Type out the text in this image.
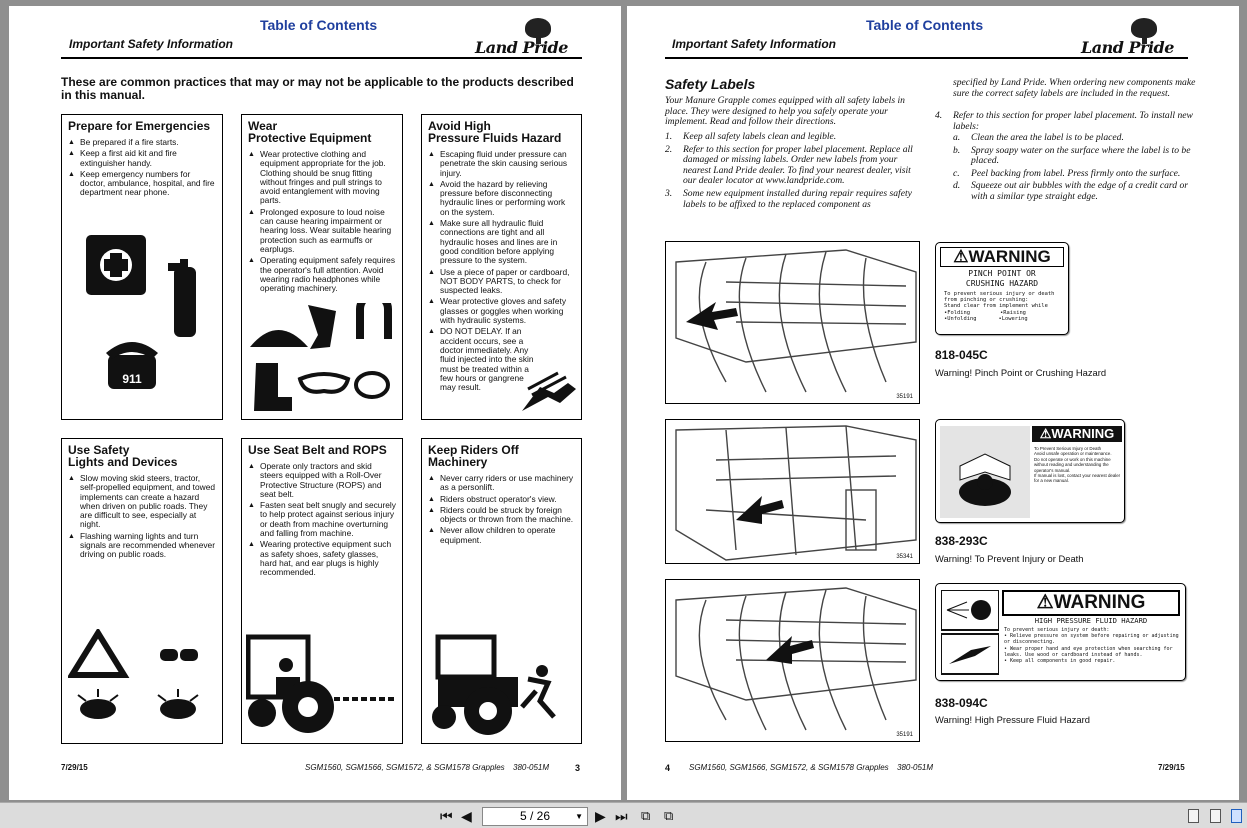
Table of Contents
Important Safety Information	Land Pride
These are common practices that may or may not be applicable to the products described in this manual.
Prepare for Emergencies
▲ Be prepared if a fire starts.
▲ Keep a first aid kit and fire extinguisher handy.
▲ Keep emergency numbers for doctor, ambulance, hospital, and fire department near phone.
911
Wear
Protective Equipment
▲ Wear protective clothing and equipment appropriate for the job. Clothing should be snug fitting without fringes and pull strings to avoid entanglement with moving parts.
▲ Prolonged exposure to loud noise can cause hearing impairment or hearing loss. Wear suitable hearing protection such as earmuffs or earplugs.
▲ Operating equipment safely requires the operator's full attention. Avoid wearing radio headphones while operating machinery.
Avoid High
Pressure Fluids Hazard
▲ Escaping fluid under pressure can penetrate the skin causing serious injury.
▲ Avoid the hazard by relieving pressure before disconnecting hydraulic lines or performing work on the system.
▲ Make sure all hydraulic fluid connections are tight and all hydraulic hoses and lines are in good condition before applying pressure to the system.
▲ Use a piece of paper or cardboard, NOT BODY PARTS, to check for suspected leaks.
▲ Wear protective gloves and safety glasses or goggles when working with hydraulic systems.
▲ DO NOT DELAY. If an accident occurs, see a doctor immediately. Any fluid injected into the skin must be treated within a few hours or gangrene may result.
Use Safety
Lights and Devices
▲ Slow moving skid steers, tractor, self-propelled equipment, and towed implements can create a hazard when driven on public roads. They are difficult to see, especially at night.
▲ Flashing warning lights and turn signals are recommended whenever driving on public roads.
Use Seat Belt and ROPS
▲ Operate only tractors and skid steers equipped with a Roll-Over Protective Structure (ROPS) and seat belt.
▲ Fasten seat belt snugly and securely to help protect against serious injury or death from machine overturning and falling from machine.
▲ Wearing protective equipment such as safety shoes, safety glasses, hard hat, and ear plugs is highly recommended.
Keep Riders Off
Machinery
▲ Never carry riders or use machinery as a personlift.
▲ Riders obstruct operator's view.
▲ Riders could be struck by foreign objects or thrown from the machine.
▲ Never allow children to operate equipment.
7/29/15	SGM1560, SGM1566, SGM1572, & SGM1578 Grapples 380-051M	3
Table of Contents
Important Safety Information	Land Pride
Safety Labels
Your Manure Grapple comes equipped with all safety labels in place. They were designed to help you safely operate your implement. Read and follow their directions.
1. Keep all safety labels clean and legible.
2. Refer to this section for proper label placement. Replace all damaged or missing labels. Order new labels from your nearest Land Pride dealer. To find your nearest dealer, visit our dealer locator at www.landpride.com.
3. Some new equipment installed during repair requires safety labels to be affixed to the replaced component as
specified by Land Pride. When ordering new components make sure the correct safety labels are included in the request.
4. Refer to this section for proper label placement. To install new labels:
a. Clean the area the label is to be placed.
b. Spray soapy water on the surface where the label is to be placed.
c. Peel backing from label. Press firmly onto the surface.
d. Squeeze out air bubbles with the edge of a credit card or with a similar type straight edge.
35191
⚠WARNING
PINCH POINT OR
CRUSHING HAZARD
To prevent serious injury or death
from pinching or crushing:
Stand clear from implement while
•Folding	•Raising
•Unfolding	•Lowering
818-045C
Warning! Pinch Point or Crushing Hazard
35341
⚠WARNING
To Prevent Serious Injury or Death
Avoid unsafe operation or maintenance.
Do not operate or work on this machine without reading and understanding the operator's manual.
If manual is lost, contact your nearest dealer for a new manual.
838-293C
Warning! To Prevent Injury or Death
35191
⚠WARNING
HIGH PRESSURE FLUID HAZARD
To prevent serious injury or death:
• Relieve pressure on system before repairing or adjusting or disconnecting.
• Wear proper hand and eye protection when searching for leaks. Use wood or cardboard instead of hands.
• Keep all components in good repair.
838-094C
Warning! High Pressure Fluid Hazard
4 SGM1560, SGM1566, SGM1572, & SGM1578 Grapples 380-051M	7/29/15
⏮ ◀	5 / 26	▼ ▶ ⏭ ⧉ ⧉
